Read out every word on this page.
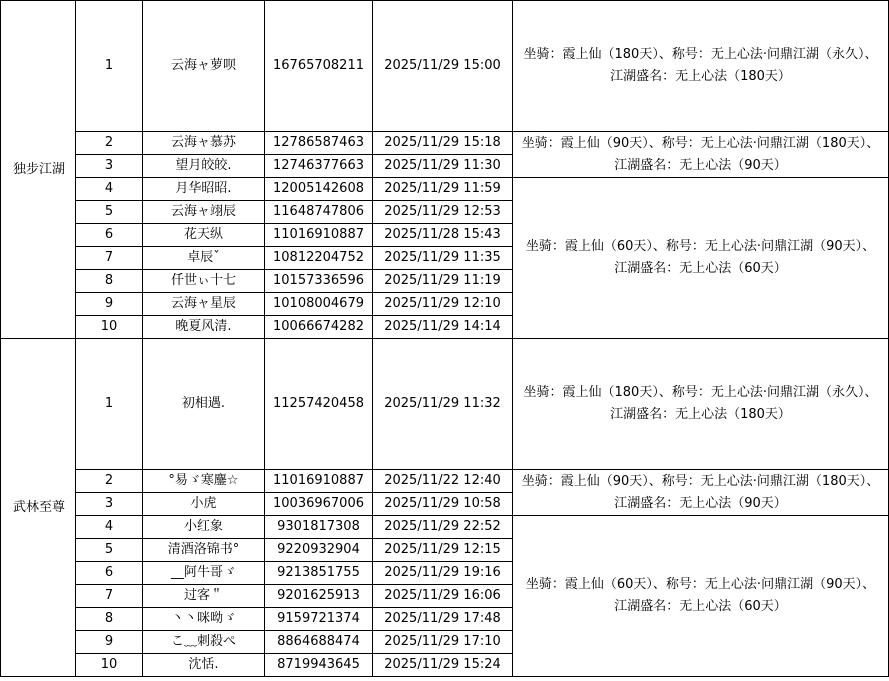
独步江湖	1	云海ャ萝呗	16765708211	2025/11/29 15:00	坐骑：霞上仙（180天）、称号：无上心法·问鼎江湖（永久）、
江湖盛名：无上心法（180天）

	2	云海ャ慕苏	12786587463	2025/11/29 15:18	坐骑：霞上仙（90天）、称号：无上心法·问鼎江湖（180天）、
江湖盛名：无上心法（90天）

	3	望月皎皎.	12746377663	2025/11/29 11:30	
	4	月华昭昭.	12005142608	2025/11/29 11:59	坐骑：霞上仙（60天）、称号：无上心法·问鼎江湖（90天）、
江湖盛名：无上心法（60天）

	5	云海ャ翊辰	11648747806	2025/11/29 12:53	
	6	花天纵	11016910887	2025/11/28 15:43	
	7	卓辰ˇ	10812204752	2025/11/29 11:35	
	8	仟世ぃ十七	10157336596	2025/11/29 11:19	
	9	云海ャ星辰	10108004679	2025/11/29 12:10	
	10	晚夏风清.	10066674282	2025/11/29 14:14	
武林至尊	1	初相遇.	11257420458	2025/11/29 11:32	坐骑：霞上仙（180天）、称号：无上心法·问鼎江湖（永久）、
江湖盛名：无上心法（180天）

	2	°易ゞ寒鏖☆	11016910887	2025/11/22 12:40	坐骑：霞上仙（90天）、称号：无上心法·问鼎江湖（180天）、
江湖盛名：无上心法（90天）

	3	小虎	10036967006	2025/11/29 10:58	
	4	小红象	9301817308	2025/11/29 22:52	坐骑：霞上仙（60天）、称号：无上心法·问鼎江湖（90天）、
江湖盛名：无上心法（60天）

	5	清酒洛锦书°	9220932904	2025/11/29 12:15	
	6	__阿牛哥ゞ	9213851755	2025/11/29 19:16	
	7	过客＂	9201625913	2025/11/29 16:06	
	8	丶丶咪呦ゞ	9159721374	2025/11/29 17:48	
	9	こ﹏刺殺ぺ	8864688474	2025/11/29 17:10	
	10	沈恬.	8719943645	2025/11/29 15:24	
